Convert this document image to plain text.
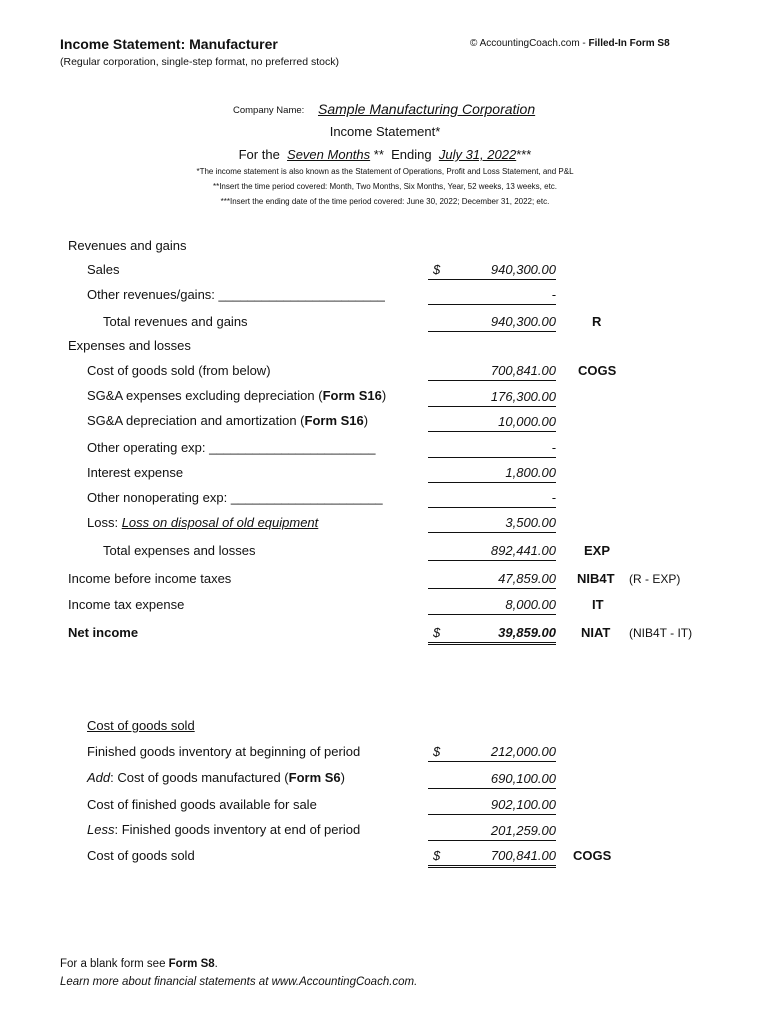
Income Statement: Manufacturer
(Regular corporation, single-step format, no preferred stock)
© AccountingCoach.com - Filled-In Form S8
Company Name: Sample Manufacturing Corporation
Income Statement*
For the Seven Months ** Ending July 31, 2022***
*The income statement is also known as the Statement of Operations, Profit and Loss Statement, and P&L
**Insert the time period covered: Month, Two Months, Six Months, Year, 52 weeks, 13 weeks, etc.
***Insert the ending date of the time period covered: June 30, 2022; December 31, 2022; etc.
Revenues and gains
Sales	$	940,300.00
Other revenues/gains: _______________________	-
Total revenues and gains	940,300.00	R
Expenses and losses
Cost of goods sold (from below)	700,841.00 COGS
SG&A expenses excluding depreciation (Form S16)	176,300.00
SG&A depreciation and amortization (Form S16)	10,000.00
Other operating exp: _______________________	-
Interest expense	1,800.00
Other nonoperating exp: _____________________	-
Loss: Loss on disposal of old equipment	3,500.00
Total expenses and losses	892,441.00 EXP
Income before income taxes	47,859.00 NIB4T (R - EXP)
Income tax expense	8,000.00	IT
Net income	$	39,859.00 NIAT (NIB4T - IT)
Cost of goods sold
Finished goods inventory at beginning of period	$	212,000.00
Add: Cost of goods manufactured (Form S6)	690,100.00
Cost of finished goods available for sale	902,100.00
Less: Finished goods inventory at end of period	201,259.00
Cost of goods sold	$	700,841.00 COGS
For a blank form see Form S8.
Learn more about financial statements at www.AccountingCoach.com.
